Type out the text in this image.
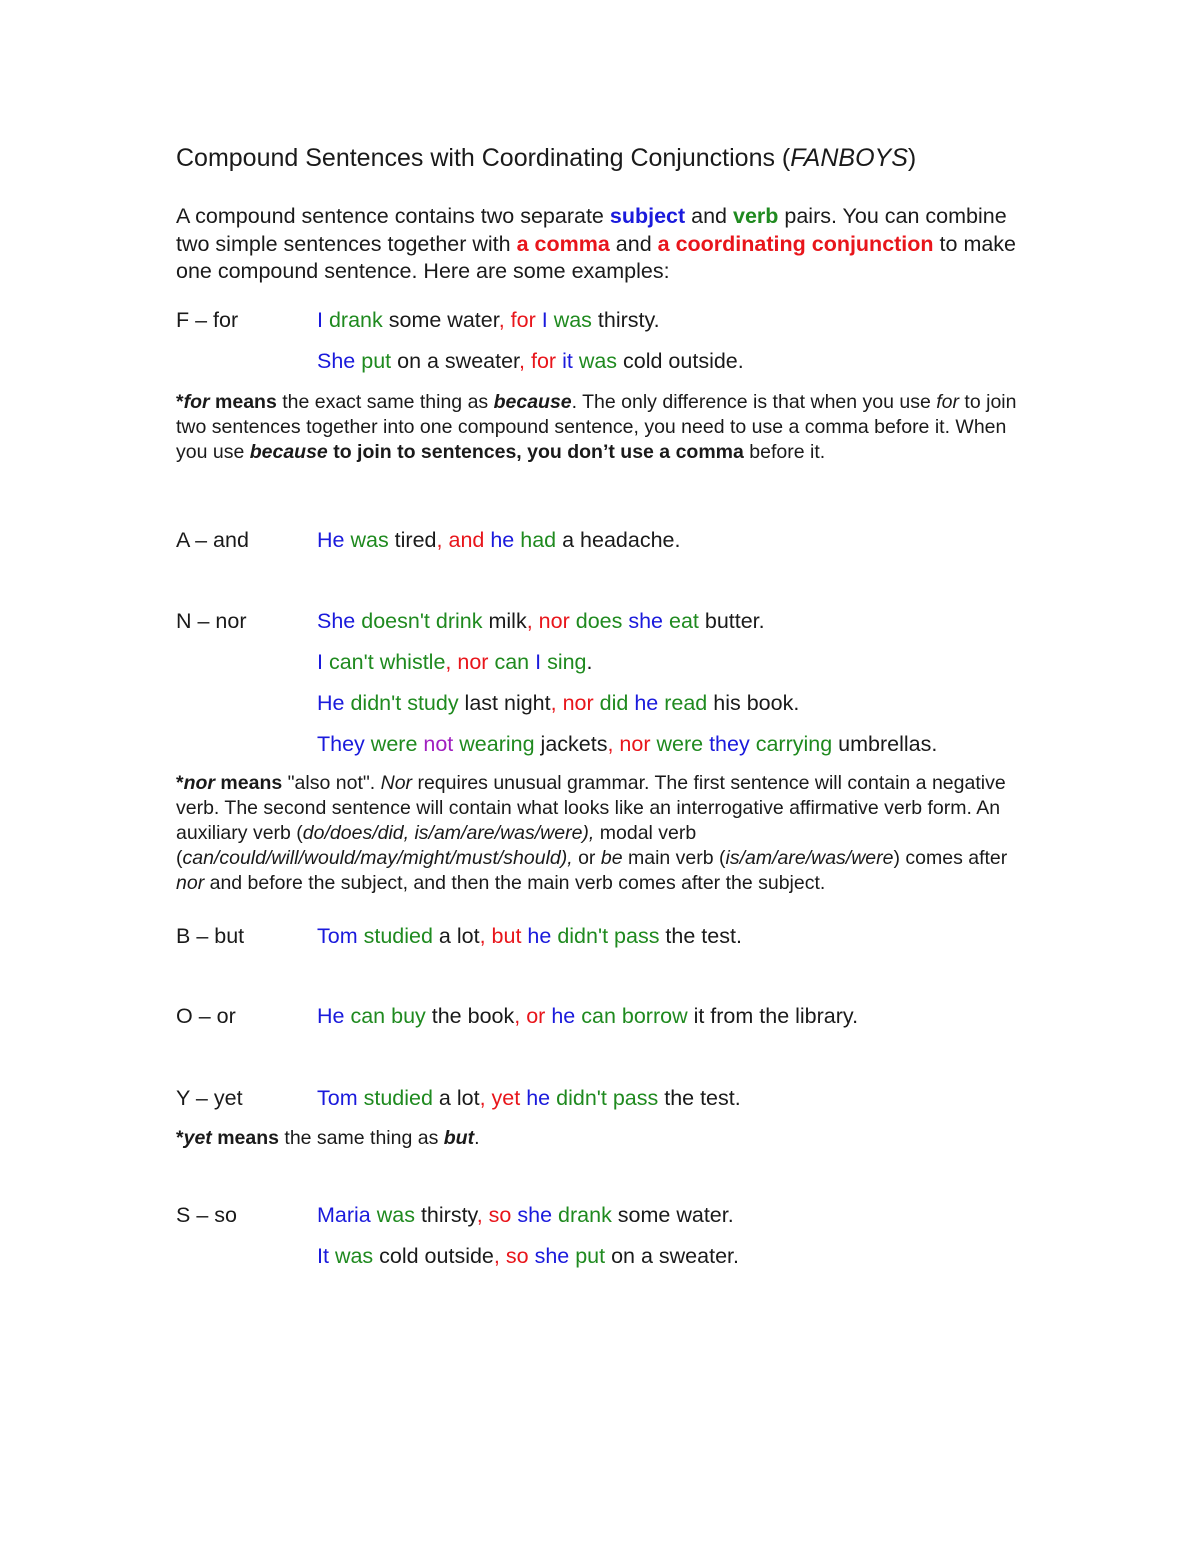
Compound Sentences with Coordinating Conjunctions (FANBOYS)
A compound sentence contains two separate subject and verb pairs. You can combine two simple sentences together with a comma and a coordinating conjunction to make one compound sentence. Here are some examples:
F – for	I drank some water, for I was thirsty.
She put on a sweater, for it was cold outside.
*for means the exact same thing as because. The only difference is that when you use for to join two sentences together into one compound sentence, you need to use a comma before it. When you use because to join to sentences, you don’t use a comma before it.
A – and	He was tired, and he had a headache.
N – nor	She doesn't drink milk, nor does she eat butter.
I can't whistle, nor can I sing.
He didn't study last night, nor did he read his book.
They were not wearing jackets, nor were they carrying umbrellas.
*nor means "also not". Nor requires unusual grammar. The first sentence will contain a negative verb. The second sentence will contain what looks like an interrogative affirmative verb form. An auxiliary verb (do/does/did, is/am/are/was/were), modal verb (can/could/will/would/may/might/must/should), or be main verb (is/am/are/was/were) comes after nor and before the subject, and then the main verb comes after the subject.
B – but	Tom studied a lot, but he didn't pass the test.
O – or	He can buy the book, or he can borrow it from the library.
Y – yet	Tom studied a lot, yet he didn't pass the test.
*yet means the same thing as but.
S – so	Maria was thirsty, so she drank some water.
It was cold outside, so she put on a sweater.
